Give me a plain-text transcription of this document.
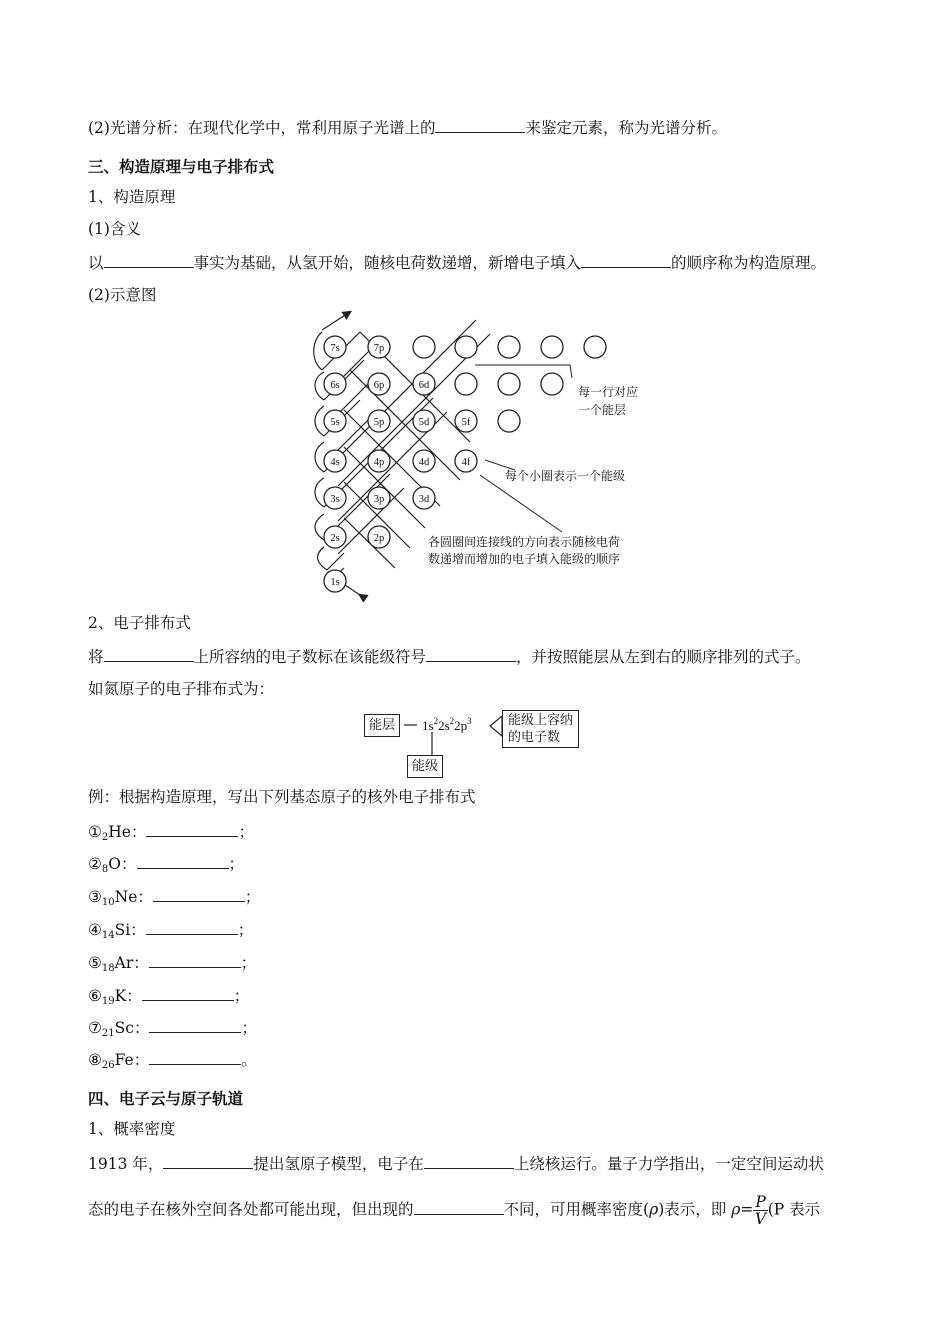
(2)光谱分析：在现代化学中，常利用原子光谱上的	来鉴定元素，称为光谱分析。
三、构造原理与电子排布式
1、构造原理
(1)含义
以	事实为基础，从氢开始，随核电荷数递增，新增电子填入	的顺序称为构造原理。
(2)示意图
7s	7p
6s	6p	6d
5s	5p	5d	5f
4s	4p	4d	4f
3s	3p	3d
2s	2p
1s
每一行对应
一个能层
每个小圈表示一个能级
各圆圈间连接线的方向表示随核电荷
数递增而增加的电子填入能级的顺序
2、电子排布式
将	上所容纳的电子数标在该能级符号	，并按照能层从左到右的顺序排列的式子。
如氮原子的电子排布式为：
能层	$1s^22s^22p^3$	能级上容纳
的电子数
能级
例：根据构造原理，写出下列基态原子的核外电子排布式
$①_2He$：	；
$②_8O$：	；
$③_{10}Ne$：	；
$④_{14}Si$：	；
$⑤_{18}Ar$：	；
$⑥_{19}K$：	；
$⑦_{21}Sc$：	；
$⑧_{26}Fe$：	。
四、电子云与原子轨道
1、概率密度
1913 年，	提出氢原子模型，电子在	上绕核运行。量子力学指出，一定空间运动状
态的电子在核外空间各处都可能出现，但出现的	不同，可用概率密度(ρ)表示，即 $\rho= \frac{P}{V} (P$ 表示
